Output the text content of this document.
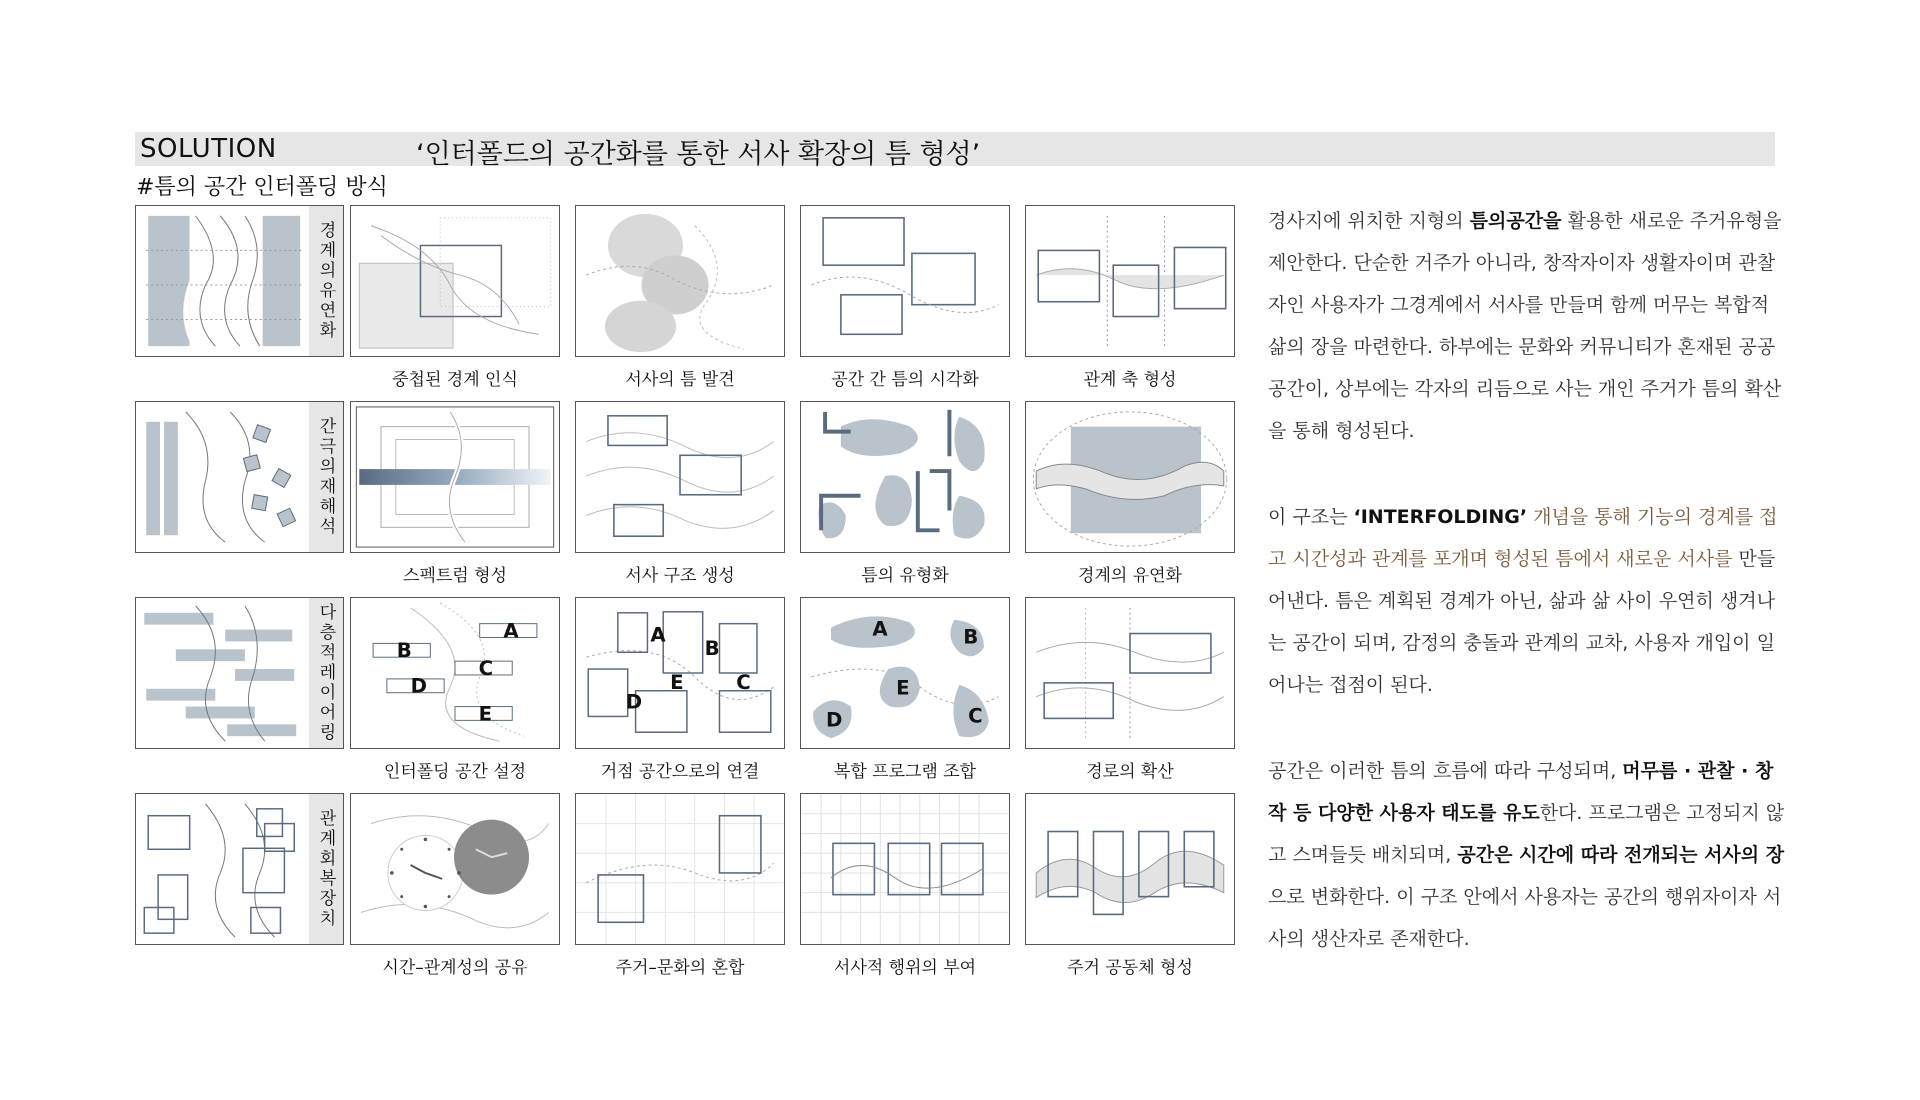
SOLUTION	‘인터폴드의 공간화를 통한 서사 확장의 틈 형성’
#틈의 공간 인터폴딩 방식
경계의유연화
중첩된 경계 인식	서사의 틈 발견	공간 간 틈의 시각화	관계 축 형성
간극의재해석
스펙트럼 형성	서사 구조 생성	틈의 유형화	경계의 유연화
다층적레이어링	A
B
C
D
E
A
B
E	C
D
A	B
E
D	C
인터폴딩 공간 설정	거점 공간으로의 연결	복합 프로그램 조합	경로의 확산
관계회복장치
시간–관계성의 공유	주거–문화의 혼합	서사적 행위의 부여	주거 공동체 형성
경사지에 위치한 지형의 틈의공간을 활용한 새로운 주거유형을 제안한다. 단순한 거주가 아니라, 창작자이자 생활자이며 관찰자인 사용자가 그경계에서 서사를 만들며 함께 머무는 복합적 삶의 장을 마련한다. 하부에는 문화와 커뮤니티가 혼재된 공공 공간이, 상부에는 각자의 리듬으로 사는 개인 주거가 틈의 확산을 통해 형성된다.
이 구조는 ‘INTERFOLDING’ 개념을 통해 기능의 경계를 접고 시간성과 관계를 포개며 형성된 틈에서 새로운 서사를 만들어낸다. 틈은 계획된 경계가 아닌, 삶과 삶 사이 우연히 생겨나는 공간이 되며, 감정의 충돌과 관계의 교차, 사용자 개입이 일어나는 접점이 된다.
공간은 이러한 틈의 흐름에 따라 구성되며, 머무름 · 관찰 · 창작 등 다양한 사용자 태도를 유도한다. 프로그램은 고정되지 않고 스며들듯 배치되며, 공간은 시간에 따라 전개되는 서사의 장으로 변화한다. 이 구조 안에서 사용자는 공간의 행위자이자 서사의 생산자로 존재한다.
